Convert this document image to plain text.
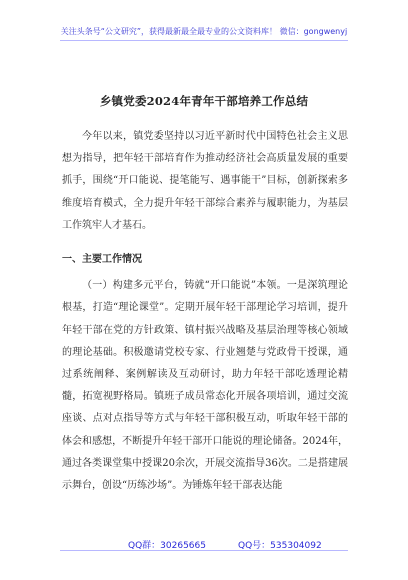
关注头条号“公文研究”，获得最新最全最专业的公文资料库！ 微信：gongwenyj
乡镇党委2024年青年干部培养工作总结

今年以来，镇党委坚持以习近平新时代中国特色社会主义思想为指导，把年轻干部培育作为推动经济社会高质量发展的重要抓手，围绕“开口能说、提笔能写、遇事能干”目标，创新探索多维度培育模式，全力提升年轻干部综合素养与履职能力，为基层工作筑牢人才基石。

一、主要工作情况

（一）构建多元平台，铸就“开口能说”本领。一是深筑理论根基，打造“理论课堂”。定期开展年轻干部理论学习培训，提升年轻干部在党的方针政策、镇村振兴战略及基层治理等核心领域的理论基础。积极邀请党校专家、行业翘楚与党政骨干授课，通过系统阐释、案例解读及互动研讨，助力年轻干部吃透理论精髓，拓宽视野格局。镇班子成员常态化开展各项培训，通过交流座谈、点对点指导等方式与年轻干部积极互动，听取年轻干部的体会和感想，不断提升年轻干部开口能说的理论储备。2024年，通过各类课堂集中授课20余次，开展交流指导36次。二是搭建展示舞台，创设“历练沙场”。为锤炼年轻干部表达能

QQ群：30265665	QQ号：535304092
